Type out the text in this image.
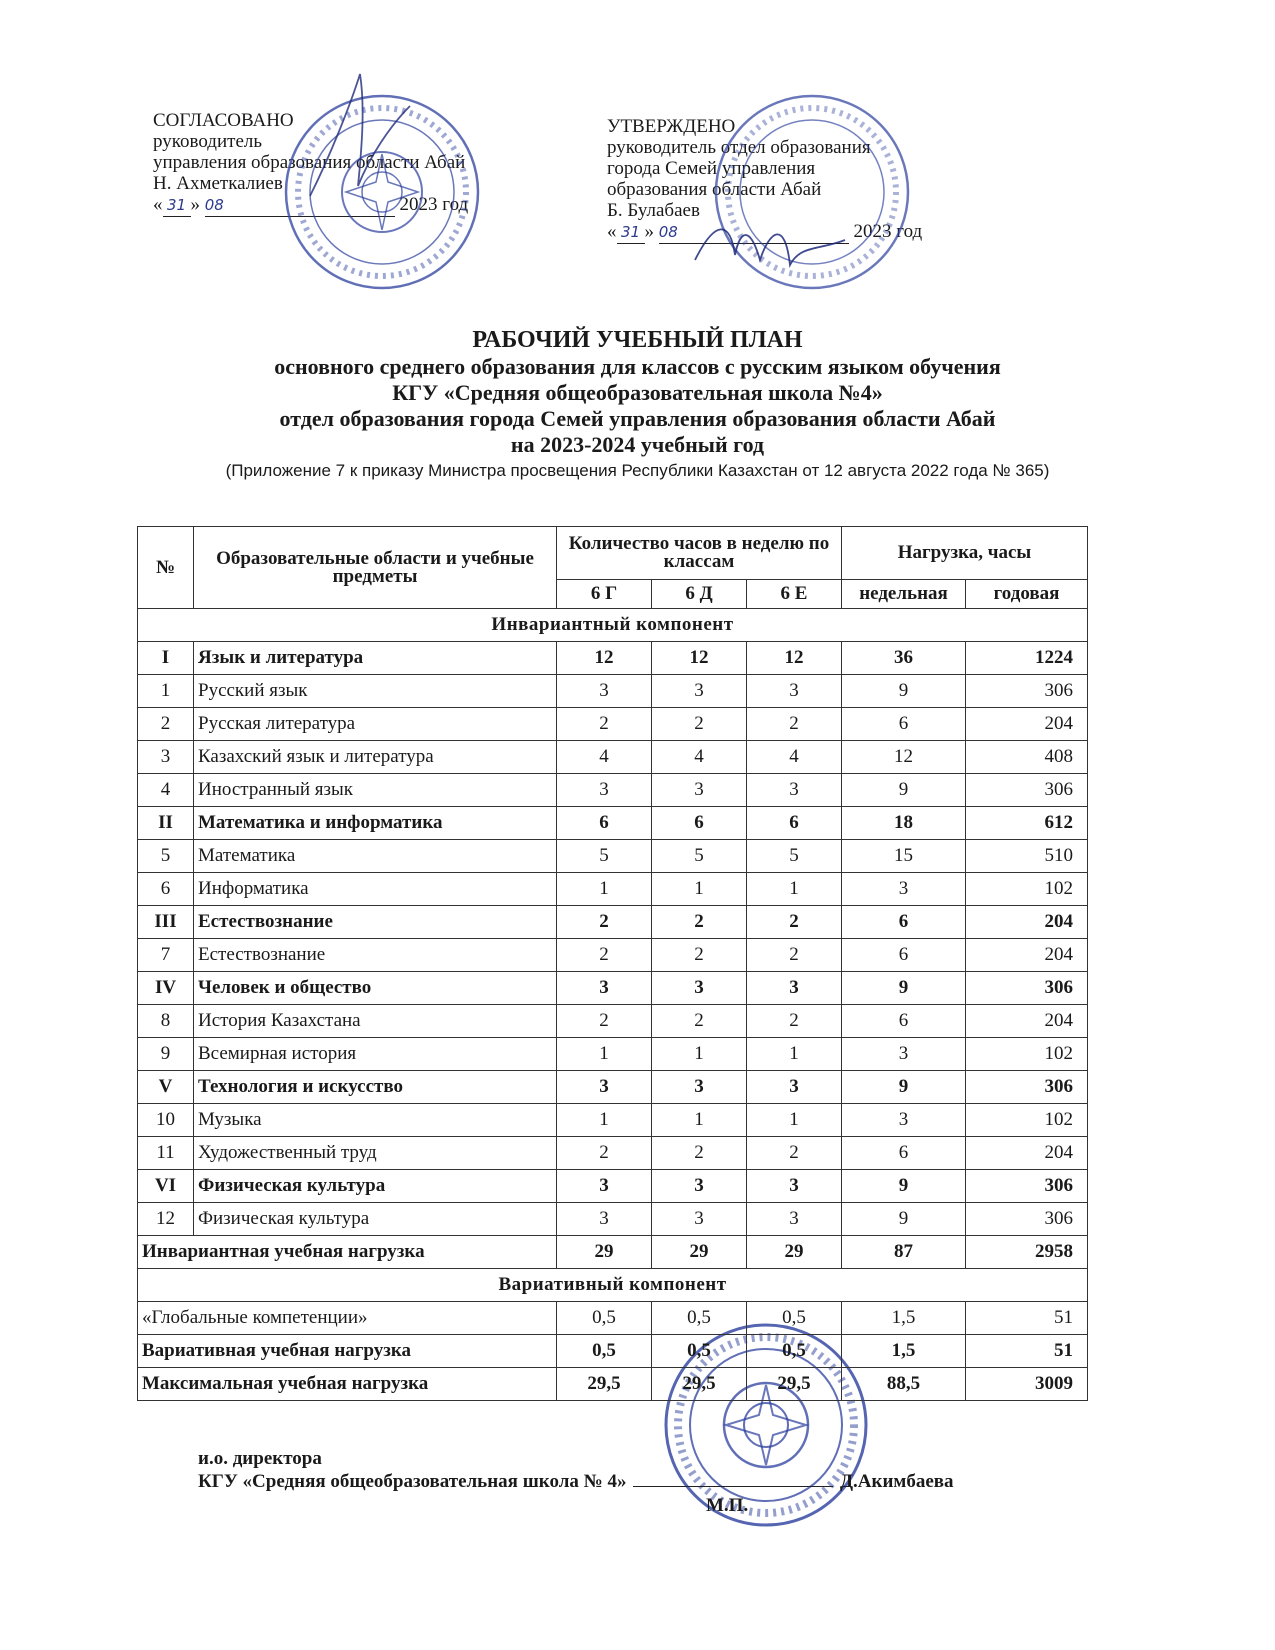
СОГЛАСОВАНО
руководитель
управления образования области Абай
Н. Ахметкалиев
« 31 » 08	2023 год
УТВЕРЖДЕНО
руководитель отдел образования
города Семей управления
образования области Абай
Б. Булабаев
« 31 » 08	2023 год
РАБОЧИЙ УЧЕБНЫЙ ПЛАН
основного среднего образования для классов с русским языком обучения
КГУ «Средняя общеобразовательная школа №4»
отдел образования города Семей управления образования области Абай
на 2023-2024 учебный год
(Приложение 7 к приказу Министра просвещения Республики Казахстан от 12 августа 2022 года № 365)
№	Образовательные области и учебные предметы	Количество часов в неделю по классам			Нагрузка, часы	
		6 Г	6 Д	6 Е	недельная	годовая
Инвариантный компонент						
I	Язык и литература	12	12	12	36	1224
1	Русский язык	3	3	3	9	306
2	Русская литература	2	2	2	6	204
3	Казахский язык и литература	4	4	4	12	408
4	Иностранный язык	3	3	3	9	306
II	Математика и информатика	6	6	6	18	612
5	Математика	5	5	5	15	510
6	Информатика	1	1	1	3	102
III	Естествознание	2	2	2	6	204
7	Естествознание	2	2	2	6	204
IV	Человек и общество	3	3	3	9	306
8	История Казахстана	2	2	2	6	204
9	Всемирная история	1	1	1	3	102
V	Технология и искусство	3	3	3	9	306
10	Музыка	1	1	1	3	102
11	Художественный труд	2	2	2	6	204
VI	Физическая культура	3	3	3	9	306
12	Физическая культура	3	3	3	9	306
Инвариантная учебная нагрузка		29	29	29	87	2958
Вариативный компонент						
«Глобальные компетенции»		0,5	0,5	0,5	1,5	51
Вариативная учебная нагрузка		0,5	0,5	0,5	1,5	51
Максимальная учебная нагрузка		29,5	29,5	29,5	88,5	3009
и.о. директора
КГУ «Средняя общеобразовательная школа № 4»	Д.Акимбаева
М.П.
